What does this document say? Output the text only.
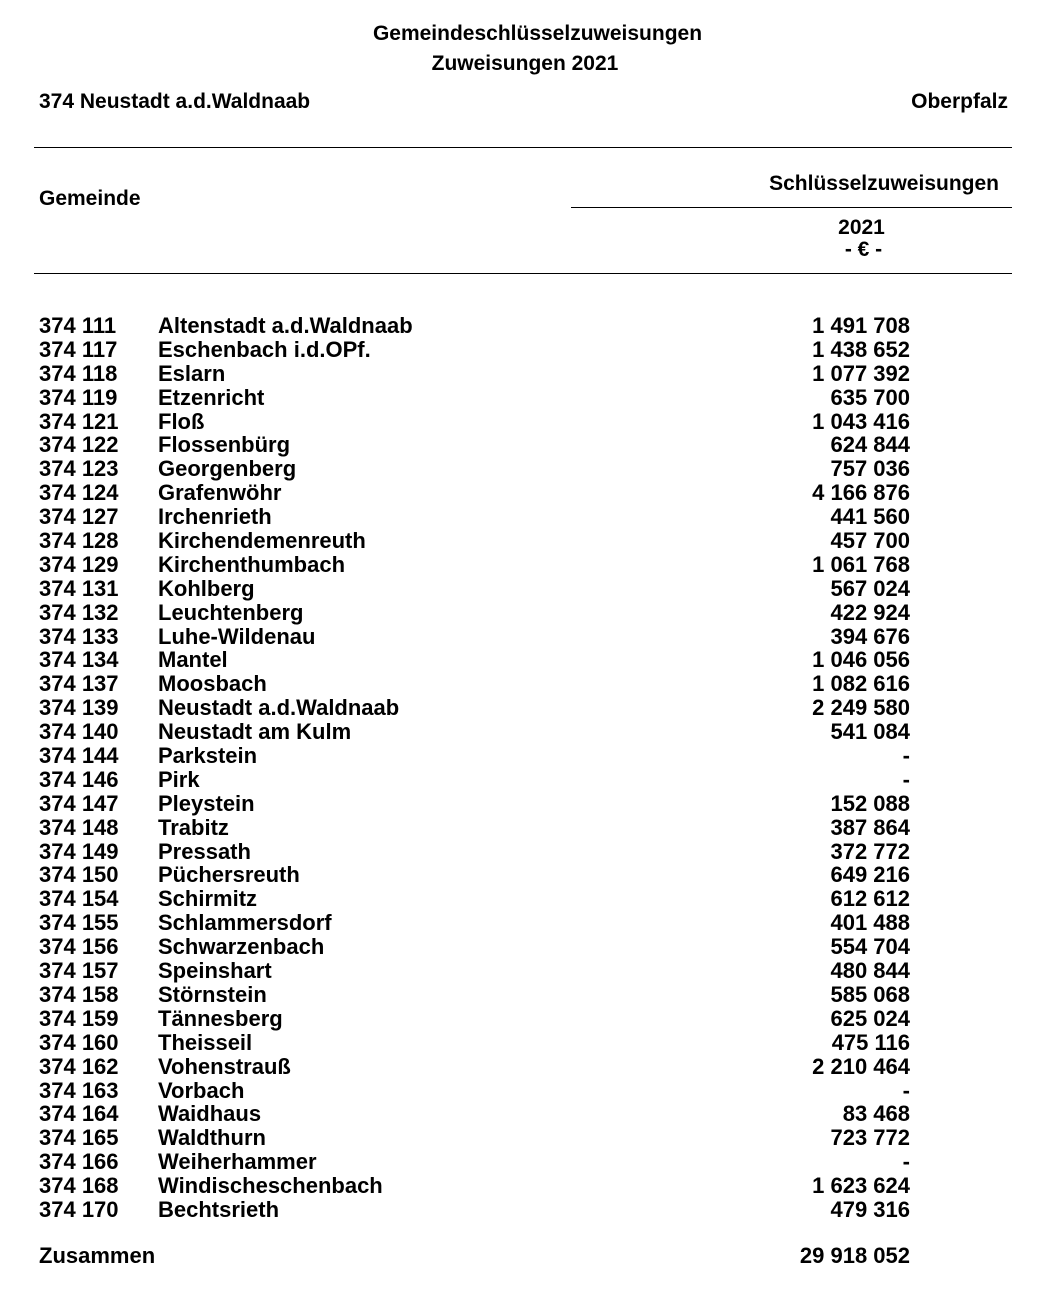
Gemeindeschlüsselzuweisungen
Zuweisungen 2021
374 Neustadt a.d.Waldnaab	Oberpfalz
Gemeinde
Schlüsselzuweisungen
2021
- € -
374 111 Altenstadt a.d.Waldnaab	1 491 708
374 117 Eschenbach i.d.OPf.	1 438 652
374 118 Eslarn	1 077 392
374 119 Etzenricht	635 700
374 121 Floß	1 043 416
374 122 Flossenbürg	624 844
374 123 Georgenberg	757 036
374 124 Grafenwöhr	4 166 876
374 127 Irchenrieth	441 560
374 128 Kirchendemenreuth	457 700
374 129 Kirchenthumbach	1 061 768
374 131 Kohlberg	567 024
374 132 Leuchtenberg	422 924
374 133 Luhe-Wildenau	394 676
374 134 Mantel	1 046 056
374 137 Moosbach	1 082 616
374 139 Neustadt a.d.Waldnaab	2 249 580
374 140 Neustadt am Kulm	541 084
374 144 Parkstein	-
374 146 Pirk	-
374 147 Pleystein	152 088
374 148 Trabitz	387 864
374 149 Pressath	372 772
374 150 Püchersreuth	649 216
374 154 Schirmitz	612 612
374 155 Schlammersdorf	401 488
374 156 Schwarzenbach	554 704
374 157 Speinshart	480 844
374 158 Störnstein	585 068
374 159 Tännesberg	625 024
374 160 Theisseil	475 116
374 162 Vohenstrauß	2 210 464
374 163 Vorbach	-
374 164 Waidhaus	83 468
374 165 Waldthurn	723 772
374 166 Weiherhammer	-
374 168 Windischeschenbach	1 623 624
374 170 Bechtsrieth	479 316
Zusammen	29 918 052
